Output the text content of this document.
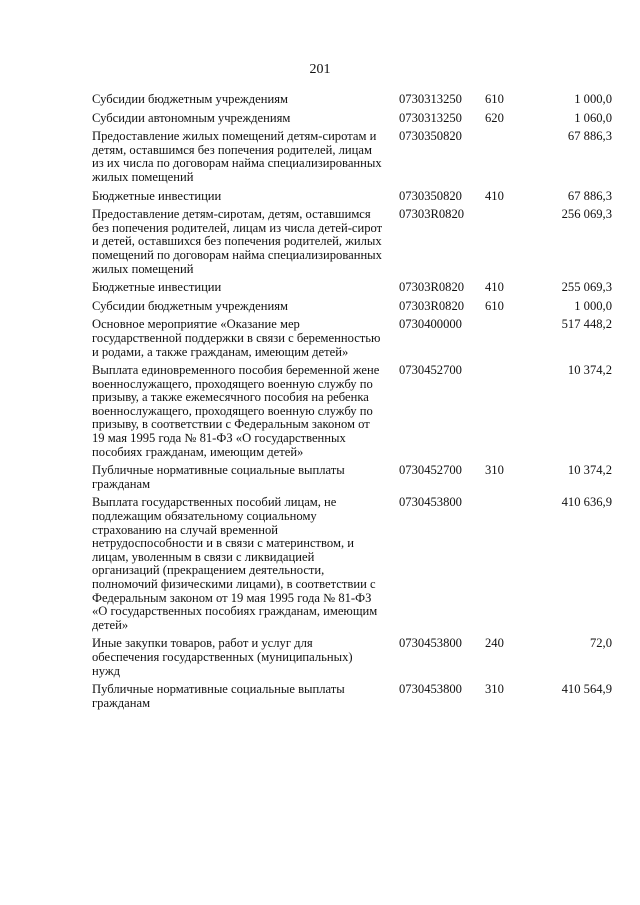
201
Субсидии бюджетным учреждениям	0730313250	610	1 000,0
Субсидии автономным учреждениям	0730313250	620	1 060,0
Предоставление жилых помещений детям-сиротам и детям, оставшимся без попечения родителей, лицам из их числа по договорам найма специализированных жилых помещений	0730350820		67 886,3
Бюджетные инвестиции	0730350820	410	67 886,3
Предоставление детям-сиротам, детям, оставшимся без попечения родителей, лицам из числа детей-сирот и детей, оставшихся без попечения родителей, жилых помещений по договорам найма специализированных жилых помещений	07303R0820		256 069,3
Бюджетные инвестиции	07303R0820	410	255 069,3
Субсидии бюджетным учреждениям	07303R0820	610	1 000,0
Основное мероприятие «Оказание мер государственной поддержки в связи с беременностью и родами, а также гражданам, имеющим детей»	0730400000		517 448,2
Выплата единовременного пособия беременной жене военнослужащего, проходящего военную службу по призыву, а также ежемесячного пособия на ребенка военнослужащего, проходящего военную службу по призыву, в соответствии с Федеральным законом от 19 мая 1995 года № 81-ФЗ «О государственных пособиях гражданам, имеющим детей»	0730452700		10 374,2
Публичные нормативные социальные выплаты гражданам	0730452700	310	10 374,2
Выплата государственных пособий лицам, не подлежащим обязательному социальному страхованию на случай временной нетрудоспособности и в связи с материнством, и лицам, уволенным в связи с ликвидацией организаций (прекращением деятельности, полномочий физическими лицами), в соответствии с Федеральным законом от 19 мая 1995 года № 81-ФЗ «О государственных пособиях гражданам, имеющим детей»	0730453800		410 636,9
Иные закупки товаров, работ и услуг для обеспечения государственных (муниципальных) нужд	0730453800	240	72,0
Публичные нормативные социальные выплаты гражданам	0730453800	310	410 564,9
